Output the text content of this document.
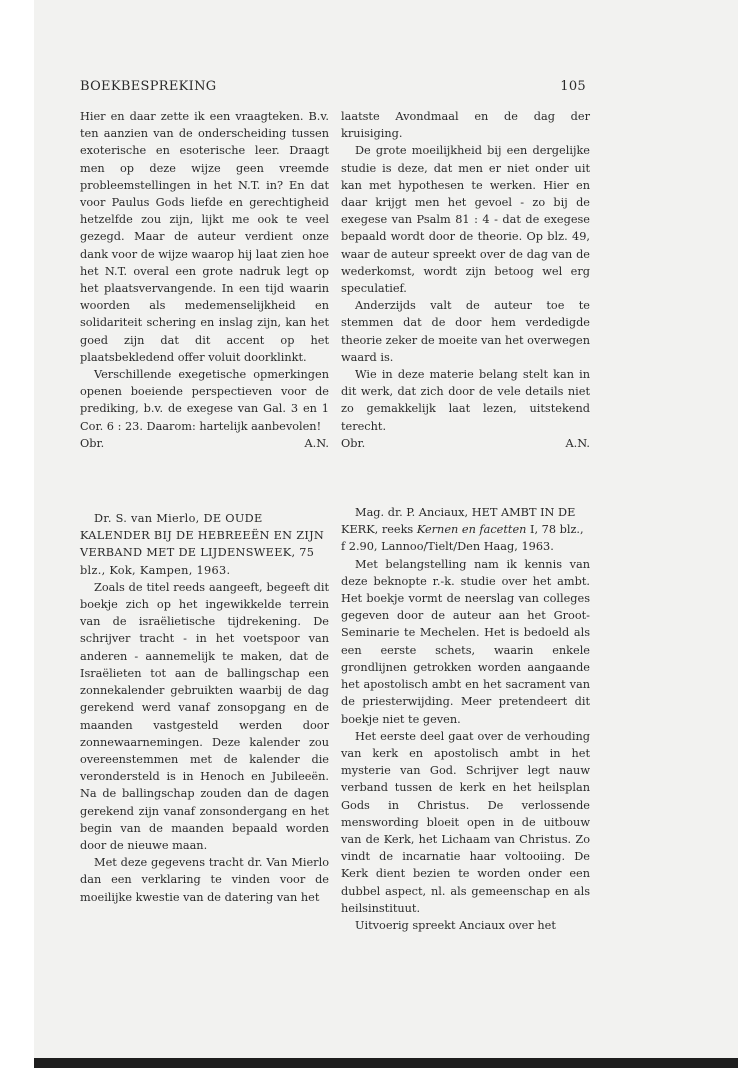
BOEKBESPREKING	105

Hier en daar zette ik een vraagteken. B.v. ten aanzien van de onderscheiding tussen exoterische en esoterische leer. Draagt men op deze wijze geen vreemde probleemstellingen in het N.T. in? En dat voor Paulus Gods liefde en gerechtigheid hetzelfde zou zijn, lijkt me ook te veel gezegd. Maar de auteur verdient onze dank voor de wijze waarop hij laat zien hoe het N.T. overal een grote nadruk legt op het plaatsvervangende. In een tijd waarin woorden als medemenselijkheid en solidariteit schering en inslag zijn, kan het goed zijn dat dit accent op het plaatsbekledend offer voluit doorklinkt.

Verschillende exegetische opmerkingen openen boeiende perspectieven voor de prediking, b.v. de exegese van Gal. 3 en 1 Cor. 6 : 23. Daarom: hartelijk aanbevolen!

Obr.	A.N.

Dr. S. van Mierlo, DE OUDE KALENDER BIJ DE HEBREEËN EN ZIJN VERBAND MET DE LIJDENSWEEK, 75 blz., Kok, Kampen, 1963.

Zoals de titel reeds aangeeft, begeeft dit boekje zich op het ingewikkelde terrein van de israëlietische tijdrekening. De schrijver tracht - in het voetspoor van anderen - aannemelijk te maken, dat de Israëlieten tot aan de ballingschap een zonnekalender gebruikten waarbij de dag gerekend werd vanaf zonsopgang en de maanden vastgesteld werden door zonnewaarnemingen. Deze kalender zou overeenstemmen met de kalender die verondersteld is in Henoch en Jubileeën. Na de ballingschap zouden dan de dagen gerekend zijn vanaf zonsondergang en het begin van de maanden bepaald worden door de nieuwe maan.

Met deze gegevens tracht dr. Van Mierlo dan een verklaring te vinden voor de moeilijke kwestie van de datering van het

laatste Avondmaal en de dag der kruisiging.

De grote moeilijkheid bij een dergelijke studie is deze, dat men er niet onder uit kan met hypothesen te werken. Hier en daar krijgt men het gevoel - zo bij de exegese van Psalm 81 : 4 - dat de exegese bepaald wordt door de theorie. Op blz. 49, waar de auteur spreekt over de dag van de wederkomst, wordt zijn betoog wel erg speculatief.

Anderzijds valt de auteur toe te stemmen dat de door hem verdedigde theorie zeker de moeite van het overwegen waard is.

Wie in deze materie belang stelt kan in dit werk, dat zich door de vele details niet zo gemakkelijk laat lezen, uitstekend terecht.

Obr.	A.N.

Mag. dr. P. Anciaux, HET AMBT IN DE KERK, reeks Kernen en facetten I, 78 blz., f 2.90, Lannoo/Tielt/Den Haag, 1963.

Met belangstelling nam ik kennis van deze beknopte r.-k. studie over het ambt. Het boekje vormt de neerslag van colleges gegeven door de auteur aan het Groot-Seminarie te Mechelen. Het is bedoeld als een eerste schets, waarin enkele grondlijnen getrokken worden aangaande het apostolisch ambt en het sacrament van de priesterwijding. Meer pretendeert dit boekje niet te geven.

Het eerste deel gaat over de verhouding van kerk en apostolisch ambt in het mysterie van God. Schrijver legt nauw verband tussen de kerk en het heilsplan Gods in Christus. De verlossende menswording bloeit open in de uitbouw van de Kerk, het Lichaam van Christus. Zo vindt de incarnatie haar voltooiing. De Kerk dient bezien te worden onder een dubbel aspect, nl. als gemeenschap en als heilsinstituut.

Uitvoerig spreekt Anciaux over het
